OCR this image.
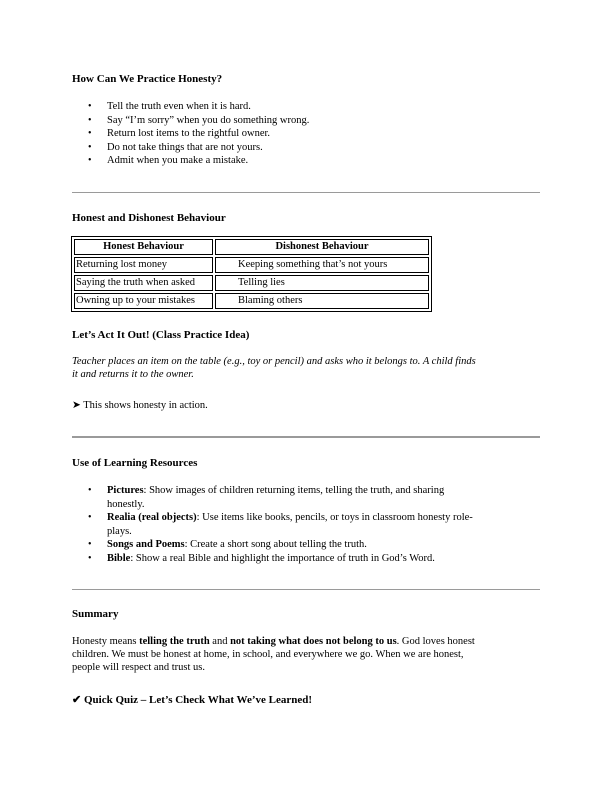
How Can We Practice Honesty?
• Tell the truth even when it is hard.
• Say “I’m sorry” when you do something wrong.
• Return lost items to the rightful owner.
• Do not take things that are not yours.
• Admit when you make a mistake.
Honest and Dishonest Behaviour
Honest Behaviour	Dishonest Behaviour
Returning lost money	Keeping something that’s not yours
Saying the truth when asked	Telling lies
Owning up to your mistakes	Blaming others
Let’s Act It Out! (Class Practice Idea)
Teacher places an item on the table (e.g., toy or pencil) and asks who it belongs to. A child finds
it and returns it to the owner.
➤ This shows honesty in action.
Use of Learning Resources
• Pictures: Show images of children returning items, telling the truth, and sharing
honestly.
• Realia (real objects): Use items like books, pencils, or toys in classroom honesty role-
plays.
• Songs and Poems: Create a short song about telling the truth.
• Bible: Show a real Bible and highlight the importance of truth in God’s Word.
Summary
Honesty means telling the truth and not taking what does not belong to us. God loves honest
children. We must be honest at home, in school, and everywhere we go. When we are honest,
people will respect and trust us.
✔ Quick Quiz – Let’s Check What We’ve Learned!
